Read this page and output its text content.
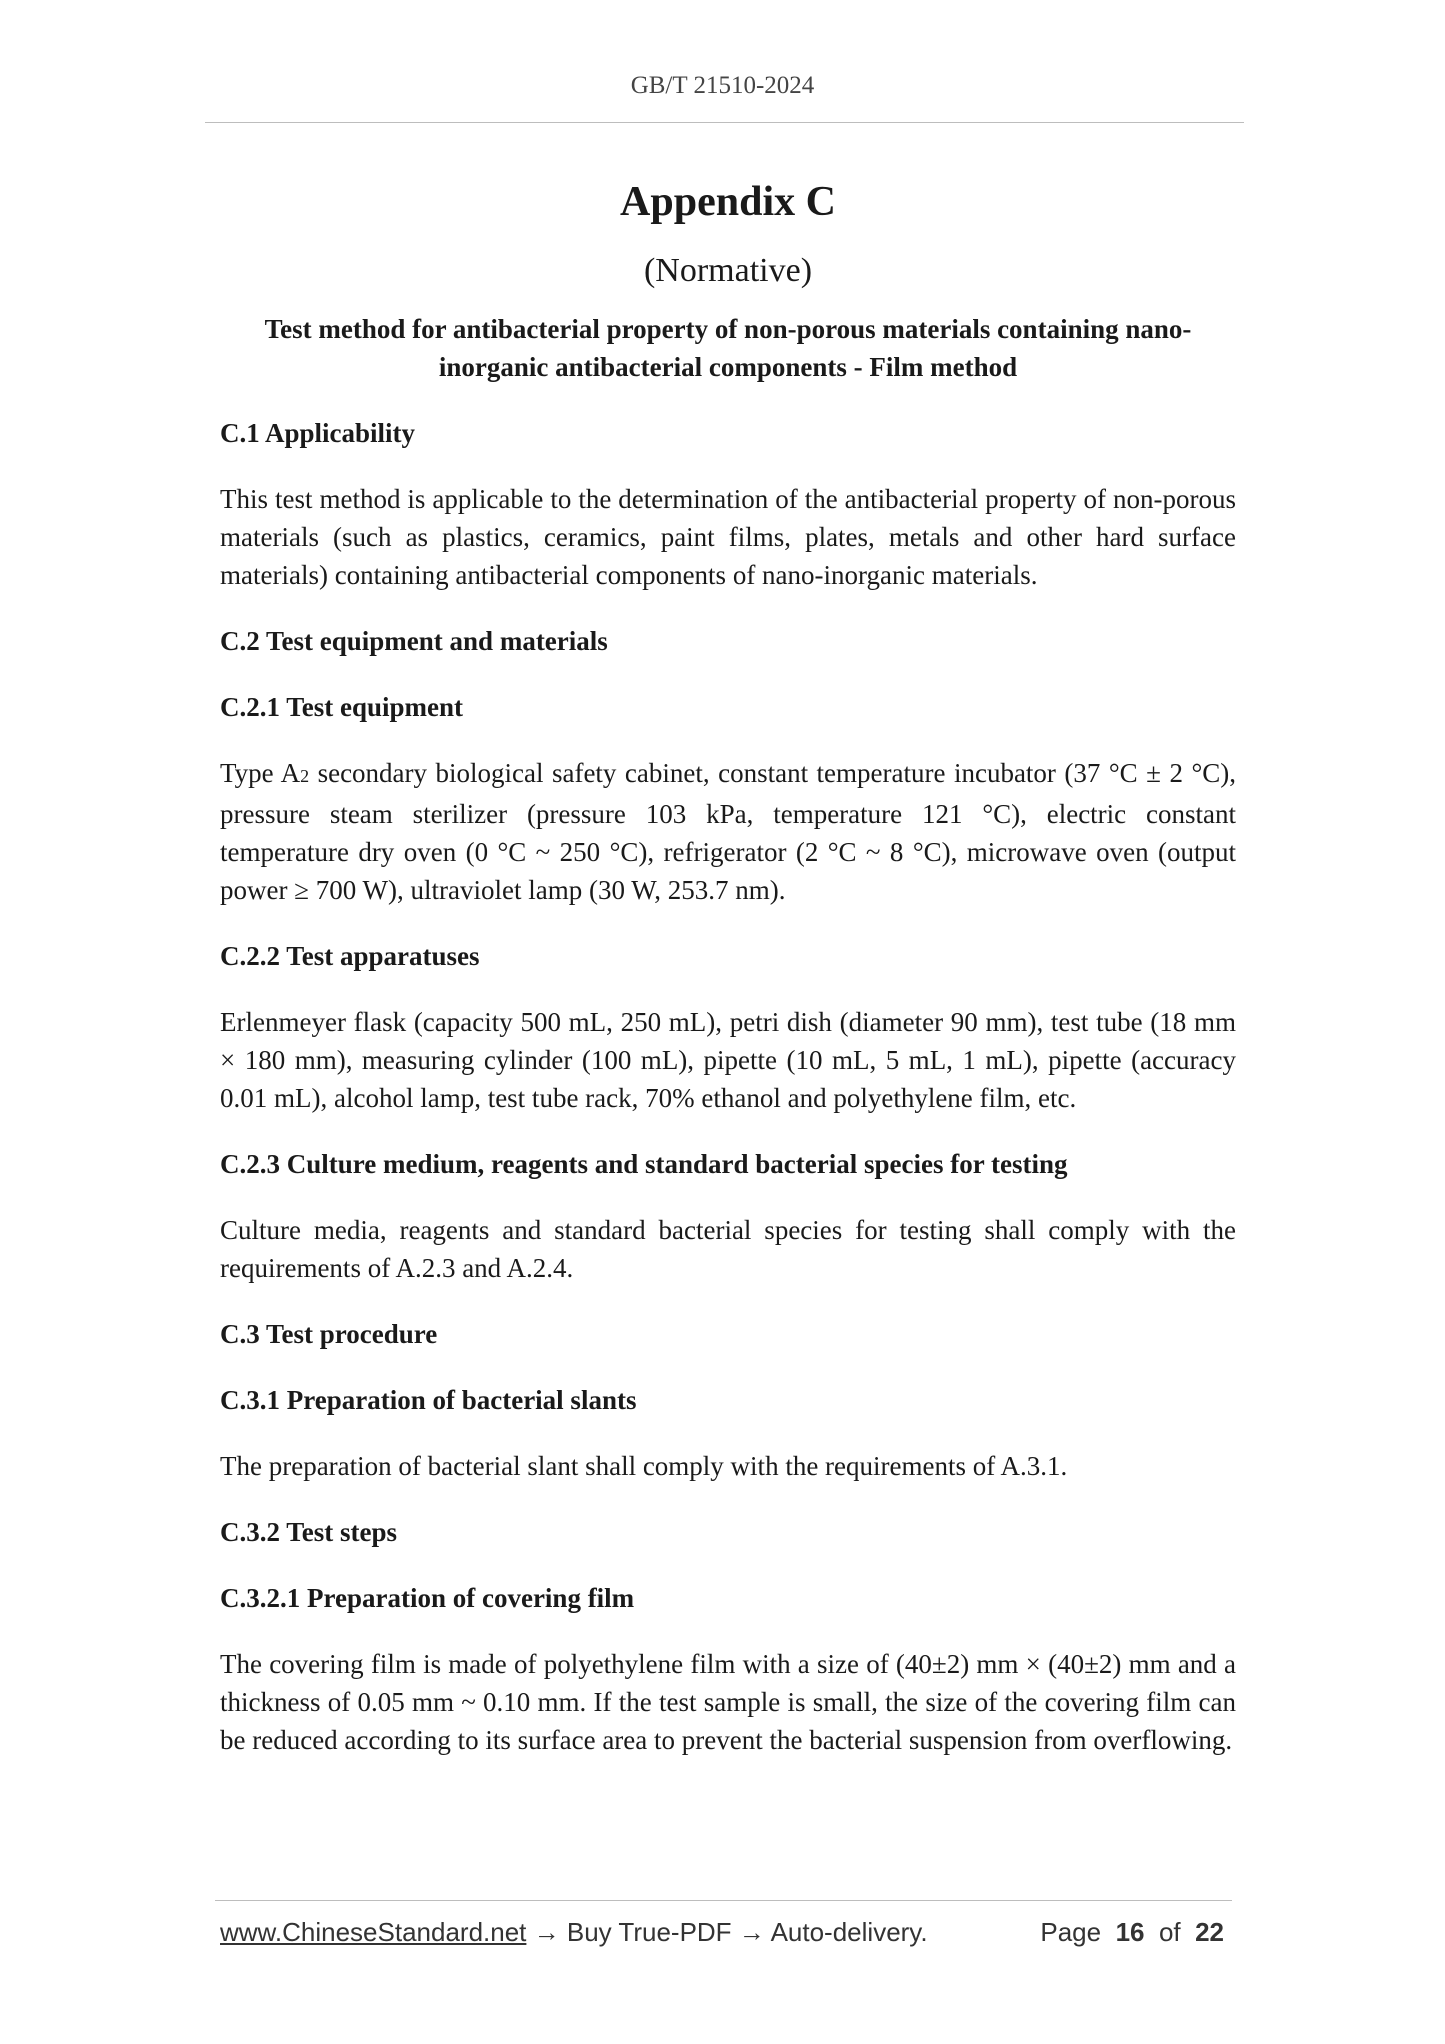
GB/T 21510-2024
Appendix C
(Normative)
Test method for antibacterial property of non-porous materials containing nano-
inorganic antibacterial components - Film method
C.1 Applicability
This test method is applicable to the determination of the antibacterial property of non-porous materials (such as plastics, ceramics, paint films, plates, metals and other hard surface materials) containing antibacterial components of nano-inorganic materials.
C.2 Test equipment and materials
C.2.1 Test equipment
Type A2 secondary biological safety cabinet, constant temperature incubator (37 °C ± 2 °C), pressure steam sterilizer (pressure 103 kPa, temperature 121 °C), electric constant temperature dry oven (0 °C ~ 250 °C), refrigerator (2 °C ~ 8 °C), microwave oven (output power ≥ 700 W), ultraviolet lamp (30 W, 253.7 nm).
C.2.2 Test apparatuses
Erlenmeyer flask (capacity 500 mL, 250 mL), petri dish (diameter 90 mm), test tube (18 mm × 180 mm), measuring cylinder (100 mL), pipette (10 mL, 5 mL, 1 mL), pipette (accuracy 0.01 mL), alcohol lamp, test tube rack, 70% ethanol and polyethylene film, etc.
C.2.3 Culture medium, reagents and standard bacterial species for testing
Culture media, reagents and standard bacterial species for testing shall comply with the requirements of A.2.3 and A.2.4.
C.3 Test procedure
C.3.1 Preparation of bacterial slants
The preparation of bacterial slant shall comply with the requirements of A.3.1.
C.3.2 Test steps
C.3.2.1 Preparation of covering film
The covering film is made of polyethylene film with a size of (40±2) mm × (40±2) mm and a thickness of 0.05 mm ~ 0.10 mm. If the test sample is small, the size of the covering film can be reduced according to its surface area to prevent the bacterial suspension from overflowing.
www.ChineseStandard.net → Buy True-PDF → Auto-delivery.	Page 16 of 22
